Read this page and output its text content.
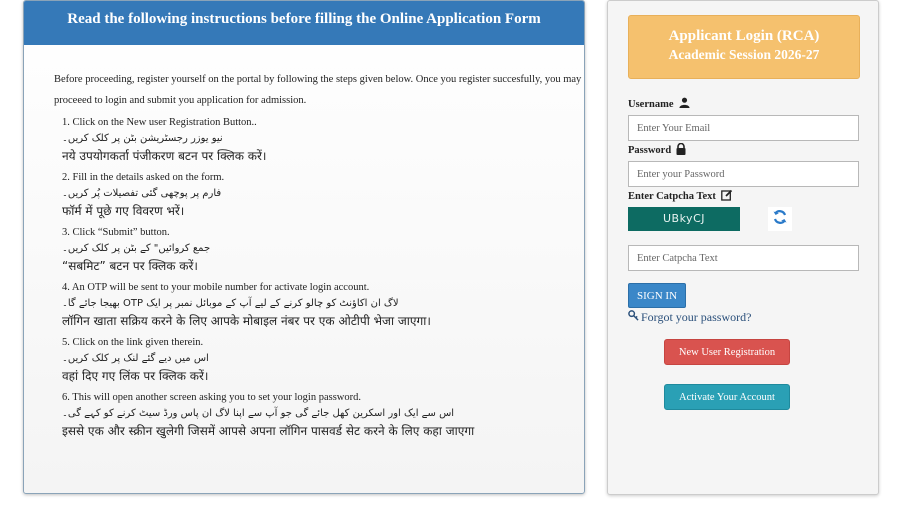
Read the following instructions before filling the Online Application Form
Before proceeding, register yourself on the portal by following the steps given below. Once you register succesfully, you may proceeed to login and submit you application for admission.
1. Click on the New user Registration Button..
نیو یوزر رجسٹریشن بٹن پر کلک کریں۔
नये उपयोगकर्ता पंजीकरण बटन पर क्लिक करें।
2. Fill in the details asked on the form.
فارم پر پوچھی گئی تفصیلات پُر کریں۔
फॉर्म में पूछे गए विवरण भरें।
3. Click “Submit” button.
جمع کروائیں" کے بٹن پر کلک کریں۔
“सबमिट” बटन पर क्लिक करें।
4. An OTP will be sent to your mobile number for activate login account.
لاگ ان اکاؤنٹ کو چالو کرنے کے لیے آپ کے موبائل نمبر پر ایک OTP بھیجا جائے گا۔
लॉगिन खाता सक्रिय करने के लिए आपके मोबाइल नंबर पर एक ओटीपी भेजा जाएगा।
5. Click on the link given therein.
اس میں دیے گئے لنک پر کلک کریں۔
वहां दिए गए लिंक पर क्लिक करें।
6. This will open another screen asking you to set your login password.
اس سے ایک اور اسکرین کھل جائے گی جو آپ سے اپنا لاگ ان پاس ورڈ سیٹ کرنے کو کہے گی۔
इससे एक और स्क्रीन खुलेगी जिसमें आपसे अपना लॉगिन पासवर्ड सेट करने के लिए कहा जाएगा
Applicant Login (RCA)
Academic Session 2026-27
Username
Enter Your Email
Password
Enter Catpcha Text
UBkyCJ
Enter Catpcha Text
SIGN IN
Forgot your password?
New User Registration
Activate Your Account
